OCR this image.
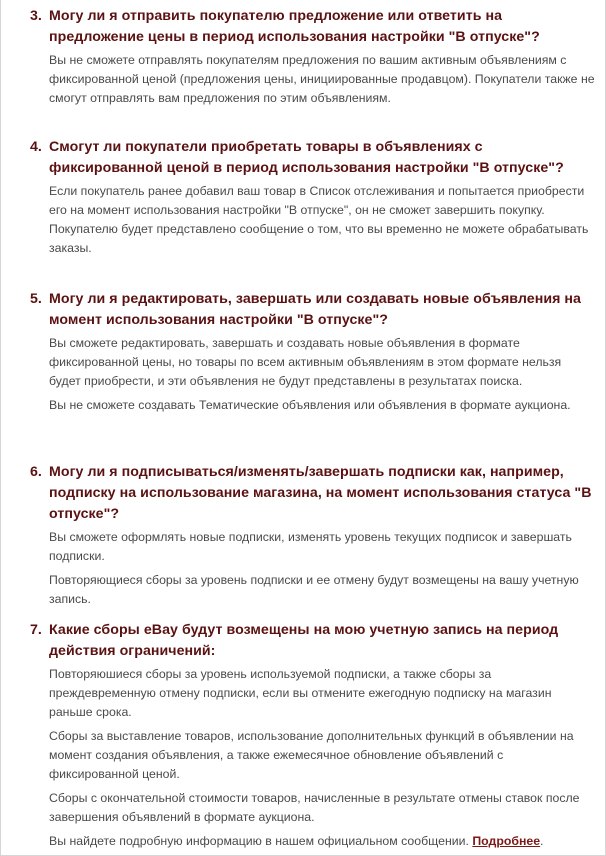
3. Могу ли я отправить покупателю предложение или ответить на предложение цены в период использования настройки "В отпуске"?

Вы не сможете отправлять покупателям предложения по вашим активным объявлениям с фиксированной ценой (предложения цены, инициированные продавцом). Покупатели также не смогут отправлять вам предложения по этим объявлениям.

4. Смогут ли покупатели приобретать товары в объявлениях с фиксированной ценой в период использования настройки "В отпуске"?

Если покупатель ранее добавил ваш товар в Список отслеживания и попытается приобрести его на момент использования настройки "В отпуске", он не сможет завершить покупку. Покупателю будет представлено сообщение о том, что вы временно не можете обрабатывать заказы.

5. Могу ли я редактировать, завершать или создавать новые объявления на момент использования настройки "В отпуске"?

Вы сможете редактировать, завершать и создавать новые объявления в формате фиксированной цены, но товары по всем активным объявлениям в этом формате нельзя будет приобрести, и эти объявления не будут представлены в результатах поиска.

Вы не сможете создавать Тематические объявления или объявления в формате аукциона.

6. Могу ли я подписываться/изменять/завершать подписки как, например, подписку на использование магазина, на момент использования статуса "В отпуске"?

Вы сможете оформлять новые подписки, изменять уровень текущих подписок и завершать подписки.

Повторяющиеся сборы за уровень подписки и ее отмену будут возмещены на вашу учетную запись.

7. Какие сборы eBay будут возмещены на мою учетную запись на период действия ограничений:

Повторяюшиеся сборы за уровень используемой подписки, а также сборы за преждевременную отмену подписки, если вы отмените ежегодную подписку на магазин раньше срока.

Сборы за выставление товаров, использование дополнительных функций в объявлении на момент создания объявления, а также ежемесячное обновление объявлений с фиксированной ценой.

Сборы с окончательной стоимости товаров, начисленные в результате отмены ставок после завершения объявлений в формате аукциона.

Вы найдете подробную информацию в нашем официальном сообщении. Подробнее.
